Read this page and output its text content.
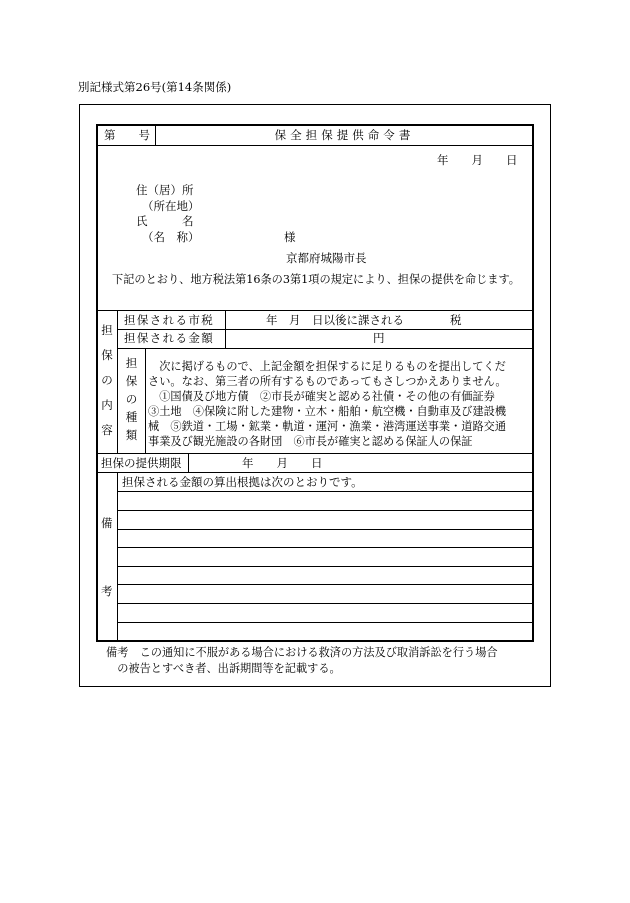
別記様式第26号(第14条関係)
第　　号	保全担保提供命令書
年　　月　　日
住（居）所
（所在地）
氏　　　名
（名　称）	様
京都府城陽市長
下記のとおり、地方税法第16条の3第1項の規定により、担保の提供を命じます。
担
保
の
内
容
担保される市税	年　月　日以後に課される　　　　税
担保される金額	円
担
保
の
種
類
　次に掲げるもので、上記金額を担保するに足りるものを提出してくだ
さい。なお、第三者の所有するものであってもさしつかえありません。
　①国債及び地方債　②市長が確実と認める社債・その他の有価証券
③土地　④保険に附した建物・立木・船舶・航空機・自動車及び建設機
械　⑤鉄道・工場・鉱業・軌道・運河・漁業・港湾運送事業・道路交通
事業及び観光施設の各財団　⑥市長が確実と認める保証人の保証
担保の提供期限	年　　月　　日
備
考
担保される金額の算出根拠は次のとおりです。
備考　この通知に不服がある場合における救済の方法及び取消訴訟を行う場合
　の被告とすべき者、出訴期間等を記載する。
